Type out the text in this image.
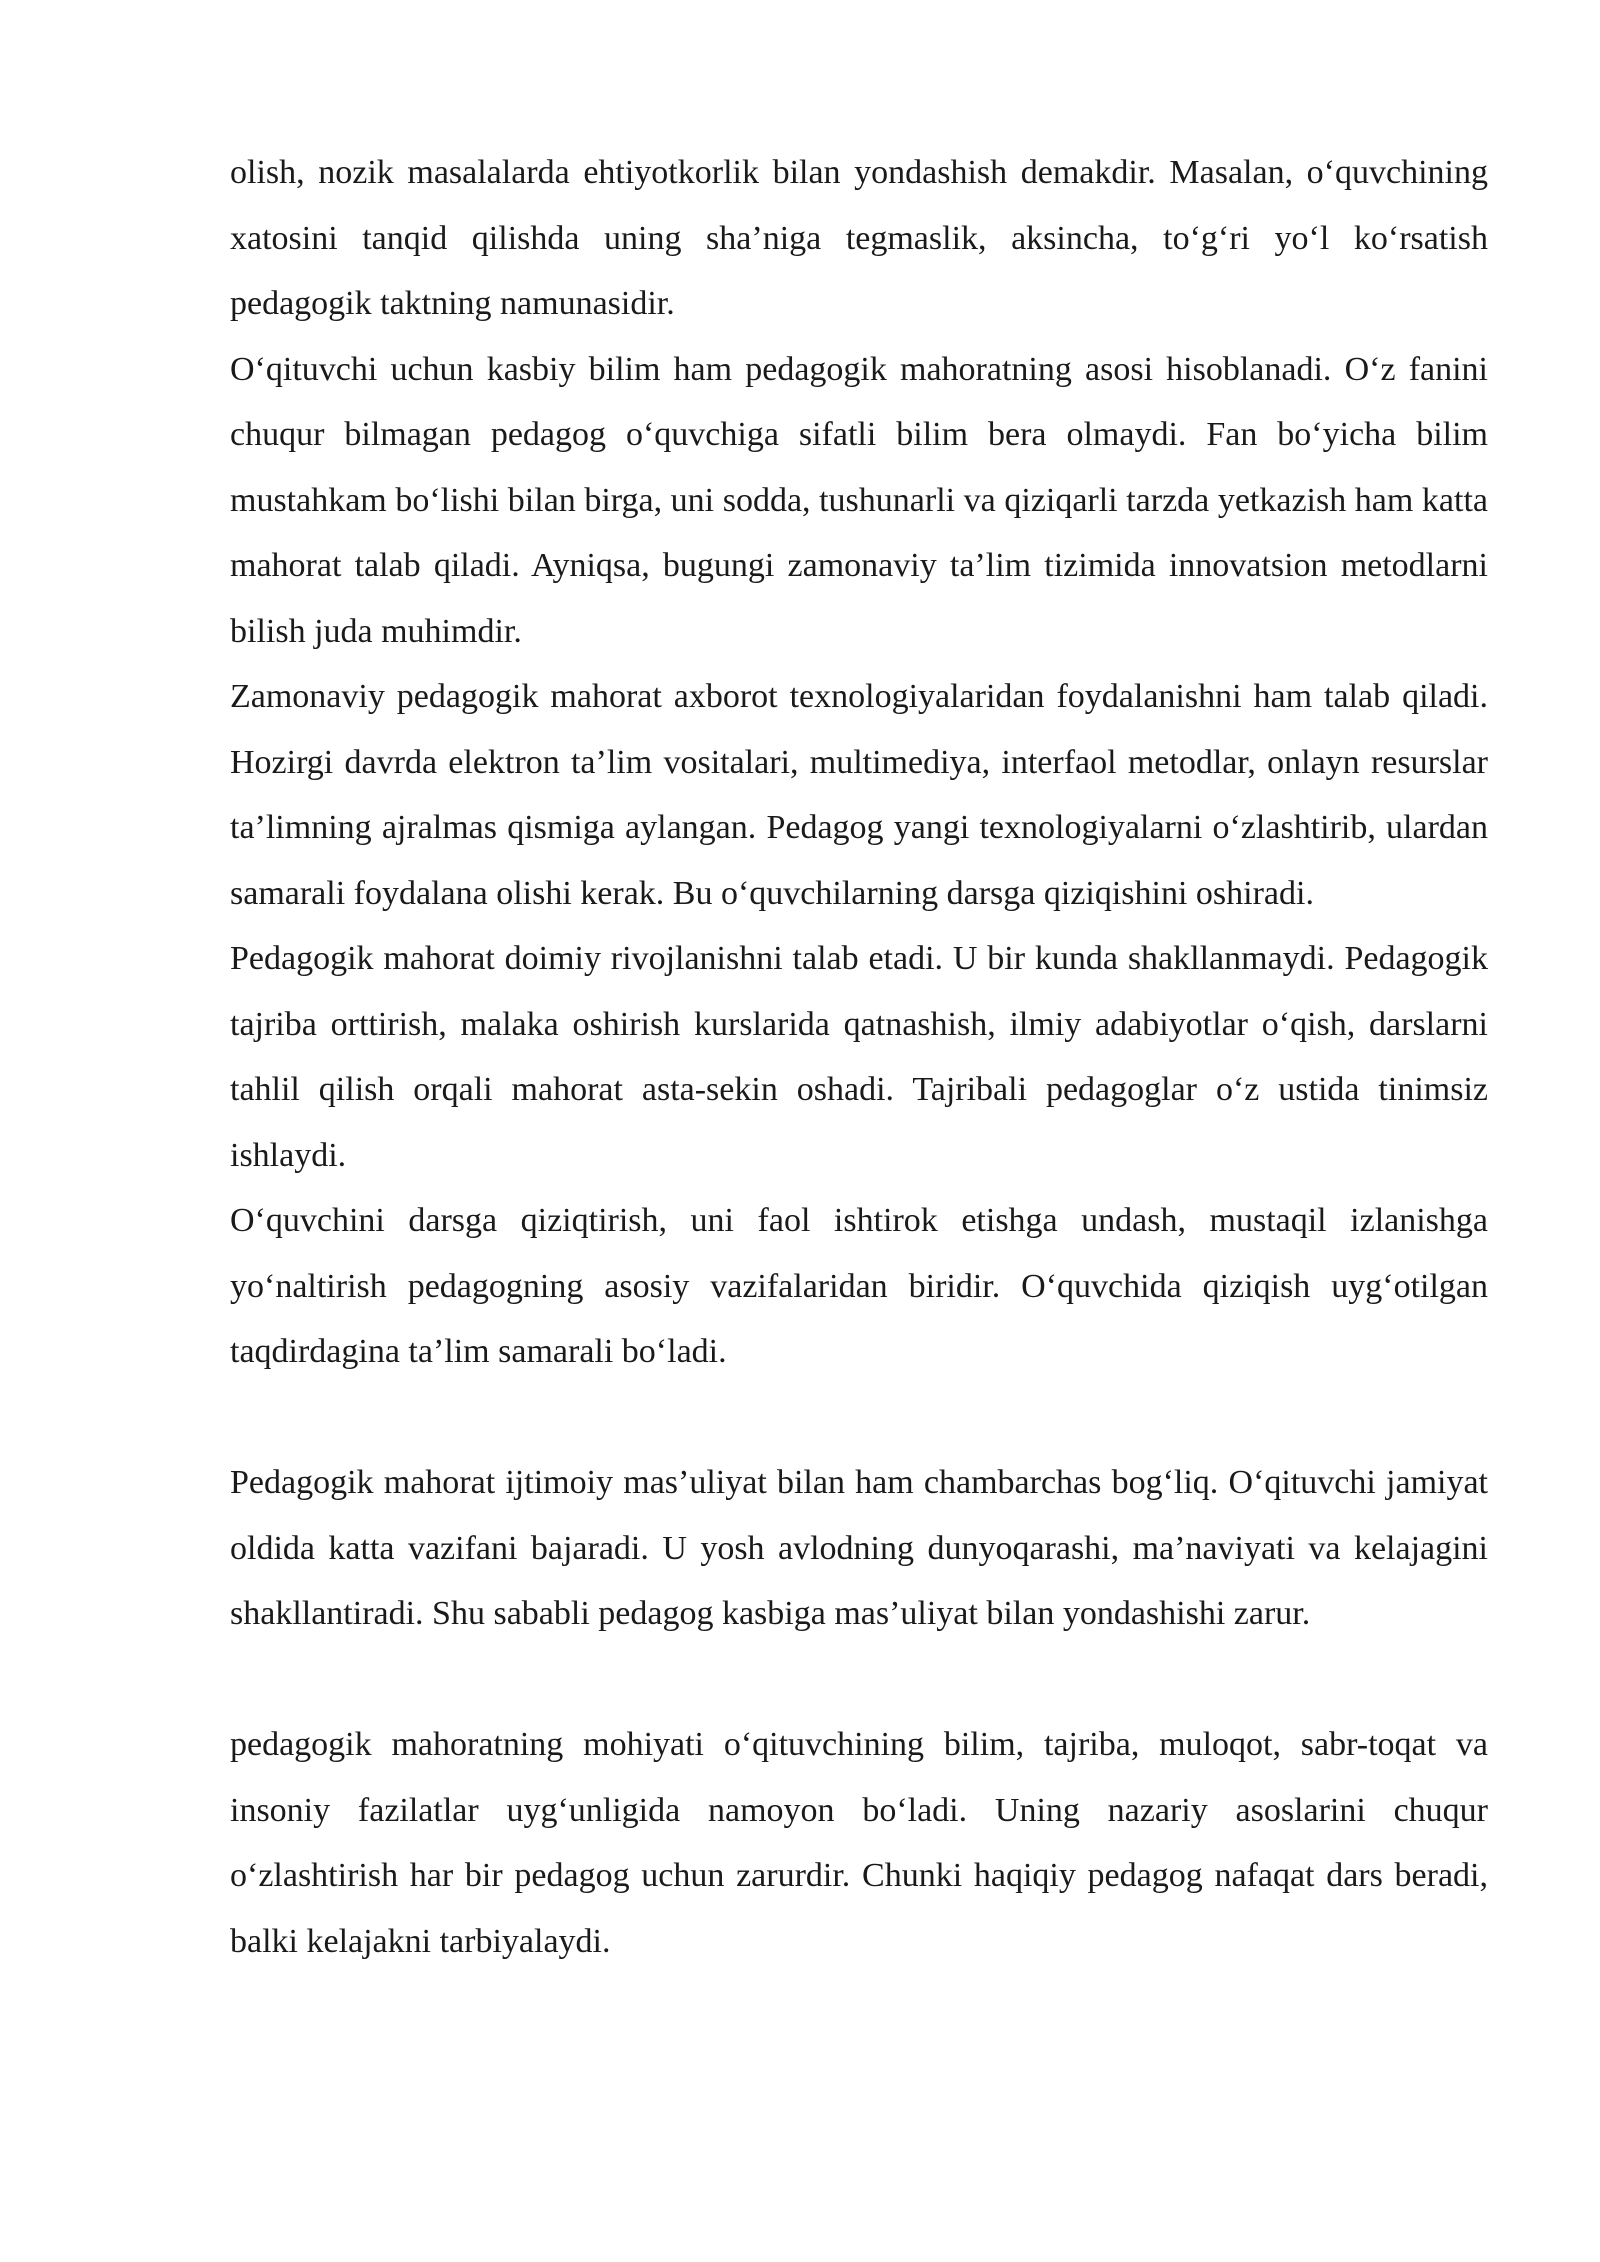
olish, nozik masalalarda ehtiyotkorlik bilan yondashish demakdir. Masalan, oʻquvchining xatosini tanqid qilishda uning sha’niga tegmaslik, aksincha, toʻgʻri yoʻl koʻrsatish pedagogik taktning namunasidir.

Oʻqituvchi uchun kasbiy bilim ham pedagogik mahoratning asosi hisoblanadi. Oʻz fanini chuqur bilmagan pedagog oʻquvchiga sifatli bilim bera olmaydi. Fan boʻyicha bilim mustahkam boʻlishi bilan birga, uni sodda, tushunarli va qiziqarli tarzda yetkazish ham katta mahorat talab qiladi. Ayniqsa, bugungi zamonaviy ta’lim tizimida innovatsion metodlarni bilish juda muhimdir.

Zamonaviy pedagogik mahorat axborot texnologiyalaridan foydalanishni ham talab qiladi. Hozirgi davrda elektron ta’lim vositalari, multimediya, interfaol metodlar, onlayn resurslar ta’limning ajralmas qismiga aylangan. Pedagog yangi texnologiyalarni oʻzlashtirib, ulardan samarali foydalana olishi kerak. Bu oʻquvchilarning darsga qiziqishini oshiradi.

Pedagogik mahorat doimiy rivojlanishni talab etadi. U bir kunda shakllanmaydi. Pedagogik tajriba orttirish, malaka oshirish kurslarida qatnashish, ilmiy adabiyotlar oʻqish, darslarni tahlil qilish orqali mahorat asta-sekin oshadi. Tajribali pedagoglar oʻz ustida tinimsiz ishlaydi.

Oʻquvchini darsga qiziqtirish, uni faol ishtirok etishga undash, mustaqil izlanishga yoʻnaltirish pedagogning asosiy vazifalaridan biridir. Oʻquvchida qiziqish uygʻotilgan taqdirdagina ta’lim samarali boʻladi.

Pedagogik mahorat ijtimoiy mas’uliyat bilan ham chambarchas bogʻliq. Oʻqituvchi jamiyat oldida katta vazifani bajaradi. U yosh avlodning dunyoqarashi, ma’naviyati va kelajagini shakllantiradi. Shu sababli pedagog kasbiga mas’uliyat bilan yondashishi zarur.

pedagogik mahoratning mohiyati oʻqituvchining bilim, tajriba, muloqot, sabr-toqat va insoniy fazilatlar uygʻunligida namoyon boʻladi. Uning nazariy asoslarini chuqur oʻzlashtirish har bir pedagog uchun zarurdir. Chunki haqiqiy pedagog nafaqat dars beradi, balki kelajakni tarbiyalaydi.
